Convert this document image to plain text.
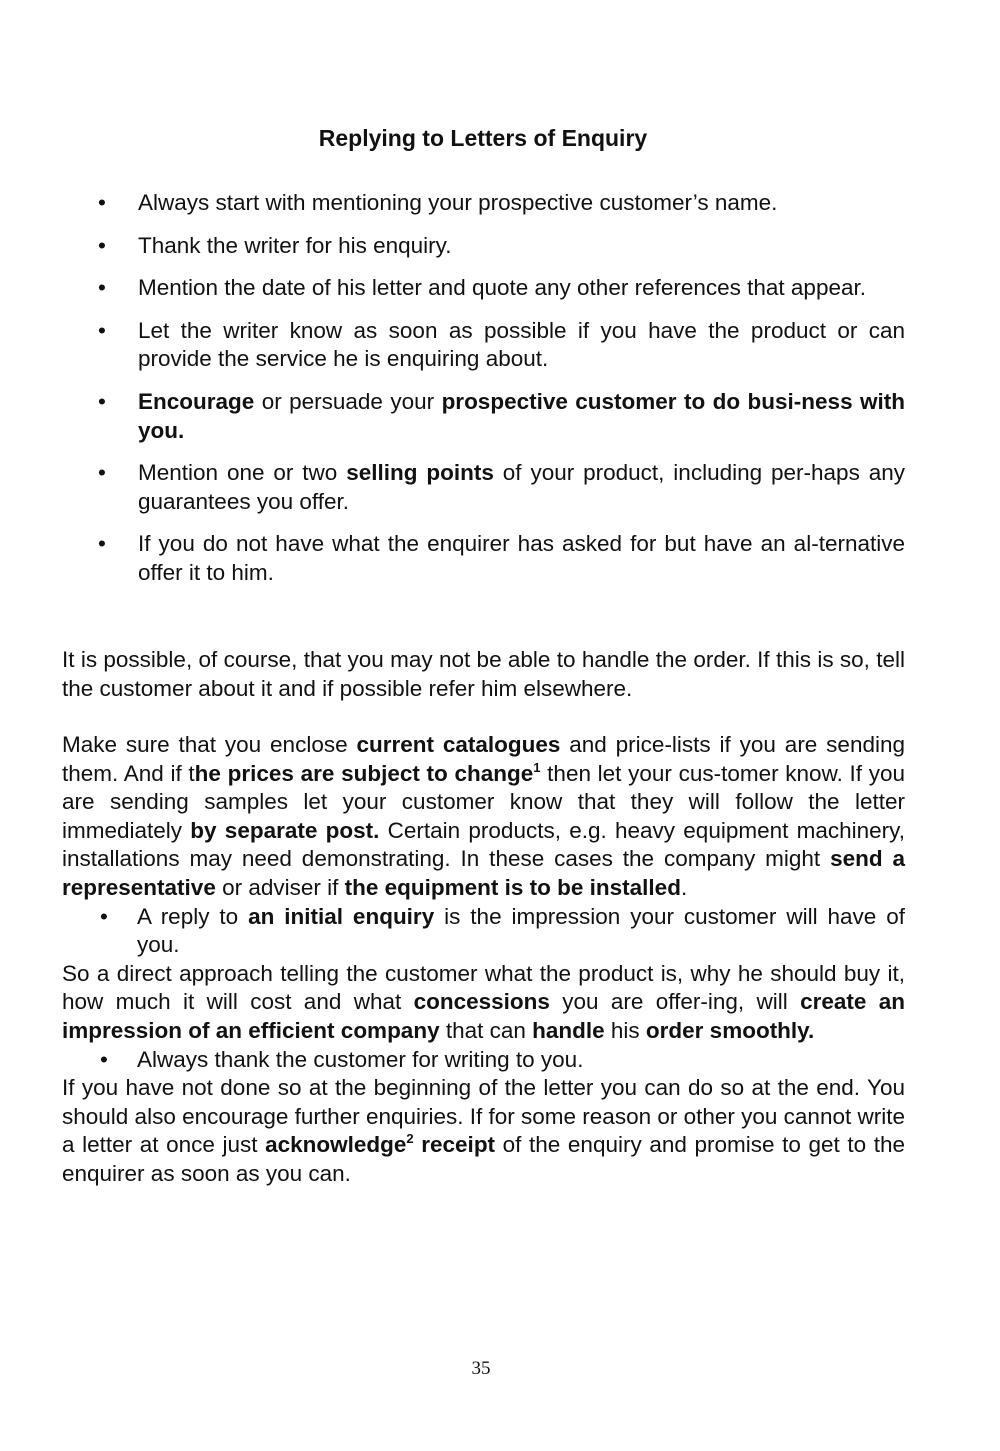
Replying to Letters of Enquiry
• Always start with mentioning your prospective customer’s name.
• Thank the writer for his enquiry.
• Mention the date of his letter and quote any other references that appear.
• Let the writer know as soon as possible if you have the product or can provide the service he is enquiring about.
• Encourage or persuade your prospective customer to do busi-ness with you.
• Mention one or two selling points of your product, including per-haps any guarantees you offer.
• If you do not have what the enquirer has asked for but have an al-ternative offer it to him.

It is possible, of course, that you may not be able to handle the order. If this is so, tell the customer about it and if possible refer him elsewhere.

Make sure that you enclose current catalogues and price-lists if you are sending them. And if the prices are subject to change$^1$ then let your cus-tomer know. If you are sending samples let your customer know that they will follow the letter immediately by separate post. Certain products, e.g. heavy equipment machinery, installations may need demonstrating. In these cases the company might send a representative or adviser if the equipment is to be installed.

• A reply to an initial enquiry is the impression your customer will have of you.

So a direct approach telling the customer what the product is, why he should buy it, how much it will cost and what concessions you are offer-ing, will create an impression of an efficient company that can handle his order smoothly.

• Always thank the customer for writing to you.

If you have not done so at the beginning of the letter you can do so at the end. You should also encourage further enquiries. If for some reason or other you cannot write a letter at once just acknowledge$^2$ receipt of the enquiry and promise to get to the enquirer as soon as you can.

35
